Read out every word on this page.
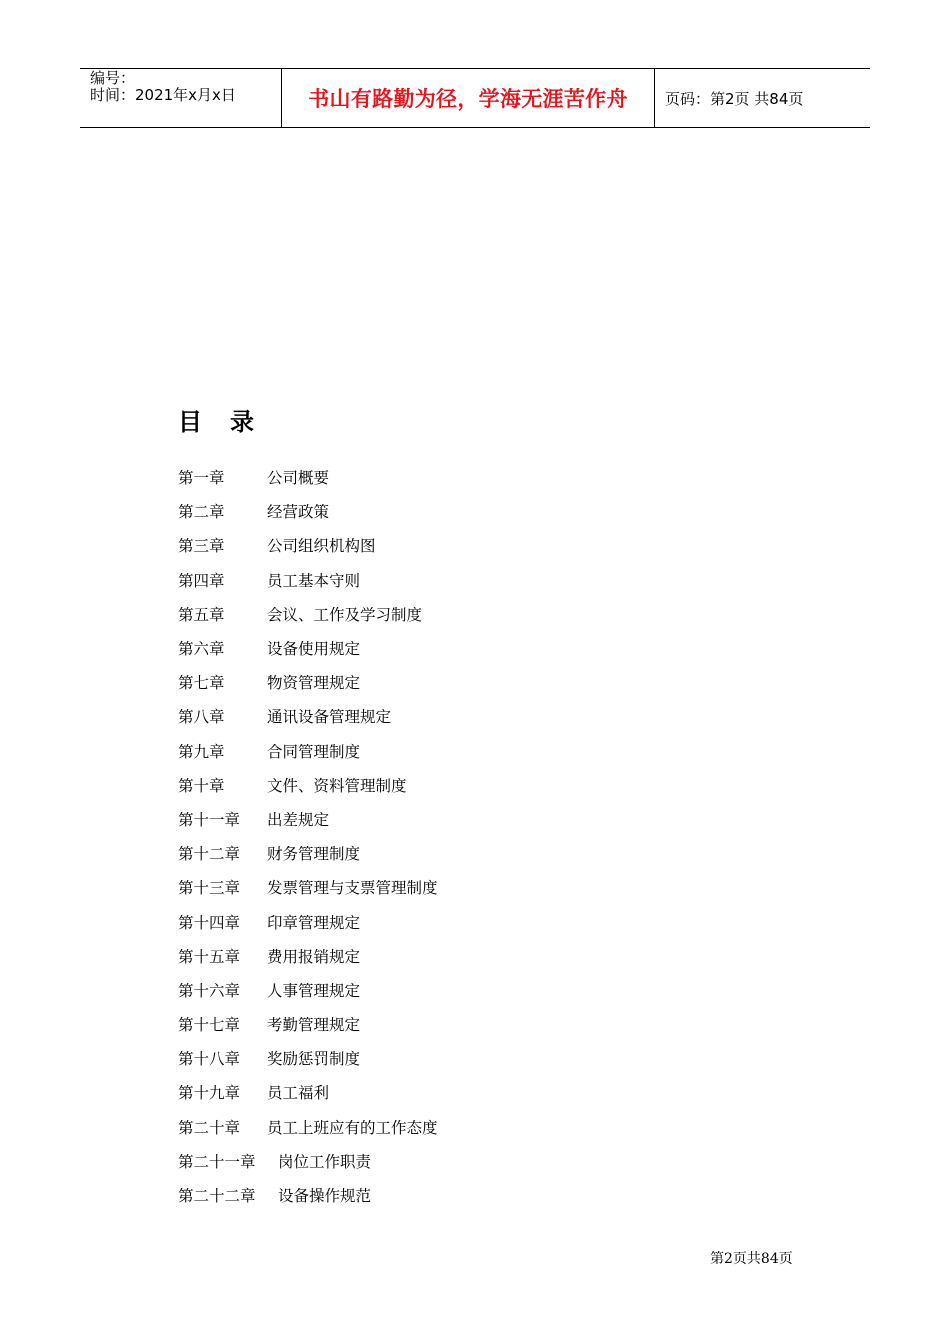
编号：
时间：2021年x月x日	书山有路勤为径，学海无涯苦作舟	页码：第2页 共84页
目录
第一章	公司概要
第二章	经营政策
第三章	公司组织机构图
第四章	员工基本守则
第五章	会议、工作及学习制度
第六章	设备使用规定
第七章	物资管理规定
第八章	通讯设备管理规定
第九章	合同管理制度
第十章	文件、资料管理制度
第十一章	出差规定
第十二章	财务管理制度
第十三章	发票管理与支票管理制度
第十四章	印章管理规定
第十五章	费用报销规定
第十六章	人事管理规定
第十七章	考勤管理规定
第十八章	奖励惩罚制度
第十九章	员工福利
第二十章	员工上班应有的工作态度
第二十一章	岗位工作职责
第二十二章	设备操作规范
第2页共84页
